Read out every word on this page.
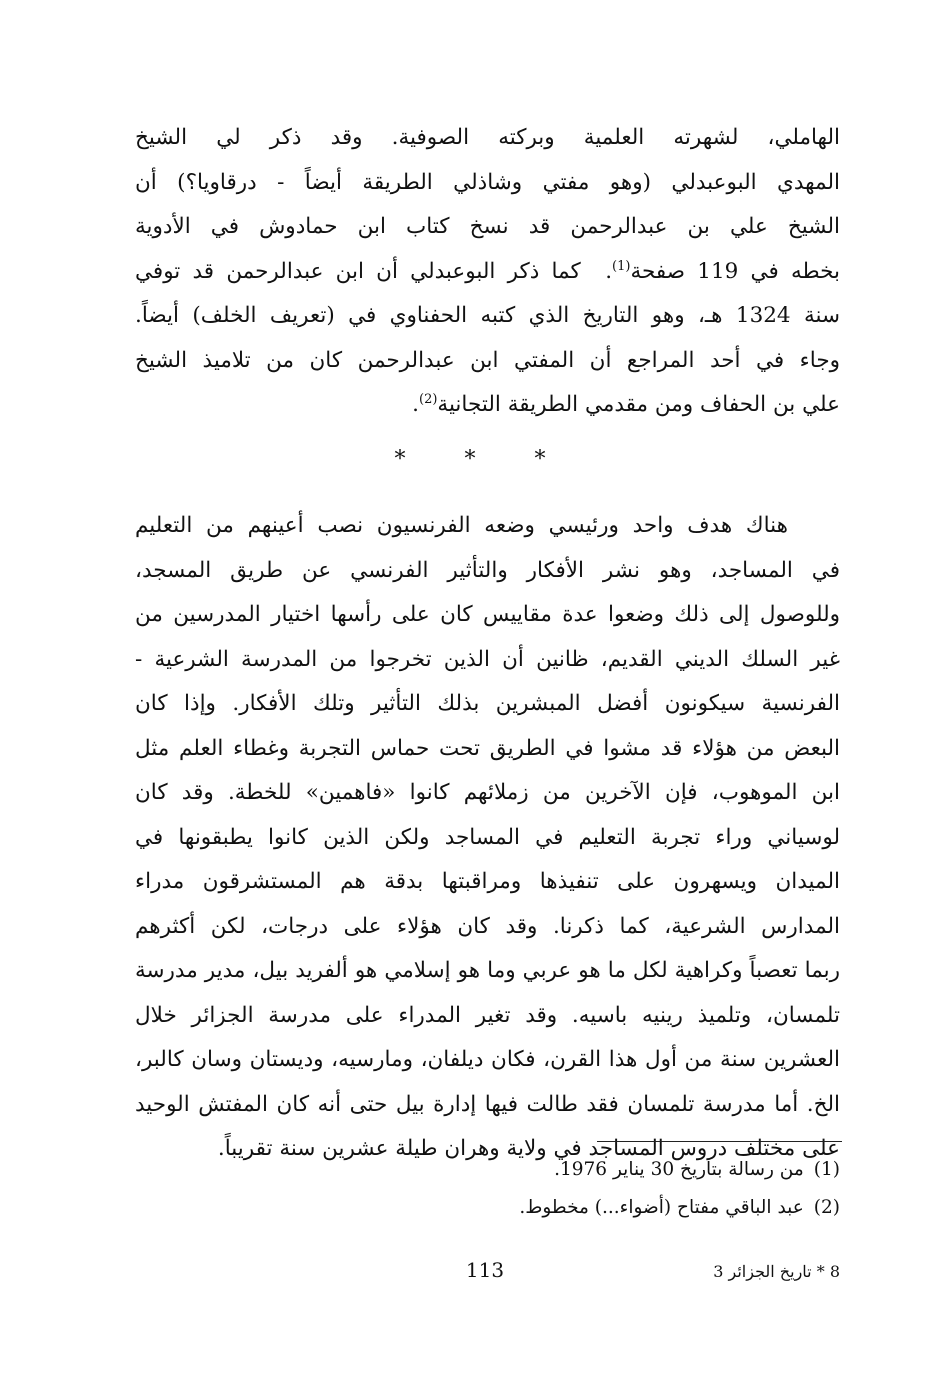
الهاملي، لشهرته العلمية وبركته الصوفية. وقد ذكر لي الشيخ
المهدي البوعبدلي (وهو مفتي وشاذلي الطريقة أيضاً - درقاويا؟) أن
الشيخ علي بن عبدالرحمن قد نسخ كتاب ابن حمادوش في الأدوية
بخطه في 119 صفحة$^{(1)}$.  كما ذكر البوعبدلي أن ابن عبدالرحمن قد توفي
سنة 1324 هـ، وهو التاريخ الذي كتبه الحفناوي في (تعريف الخلف) أيضاً.
وجاء في أحد المراجع أن المفتي ابن عبدالرحمن كان من تلاميذ الشيخ
علي بن الحفاف ومن مقدمي الطريقة التجانية$^{(2)}$.
* * *
هناك هدف واحد ورئيسي وضعه الفرنسيون نصب أعينهم من التعليم
في المساجد، وهو نشر الأفكار والتأثير الفرنسي عن طريق المسجد،
وللوصول إلى ذلك وضعوا عدة مقاييس كان على رأسها اختيار المدرسين من
غير السلك الديني القديم، ظانين أن الذين تخرجوا من المدرسة الشرعية -
الفرنسية سيكونون أفضل المبشرين بذلك التأثير وتلك الأفكار. وإذا كان
البعض من هؤلاء قد مشوا في الطريق تحت حماس التجربة وغطاء العلم مثل
ابن الموهوب، فإن الآخرين من زملائهم كانوا «فاهمين» للخطة. وقد كان
لوسياني وراء تجربة التعليم في المساجد ولكن الذين كانوا يطبقونها في
الميدان ويسهرون على تنفيذها ومراقبتها بدقة هم المستشرقون مدراء
المدارس الشرعية، كما ذكرنا. وقد كان هؤلاء على درجات، لكن أكثرهم
ربما تعصباً وكراهية لكل ما هو عربي وما هو إسلامي هو ألفريد بيل، مدير مدرسة
تلمسان، وتلميذ رينيه باسيه. وقد تغير المدراء على مدرسة الجزائر خلال
العشرين سنة من أول هذا القرن، فكان ديلفان، ومارسيه، وديستان وسان كالبر،
الخ. أما مدرسة تلمسان فقد طالت فيها إدارة بيل حتى أنه كان المفتش الوحيد
على مختلف دروس المساجد في ولاية وهران طيلة عشرين سنة تقريباً.
(1)من رسالة بتاريخ 30 يناير 1976.
(2)عبد الباقي مفتاح (أضواء...) مخطوط.
113	8 * تاريخ الجزائر 3
